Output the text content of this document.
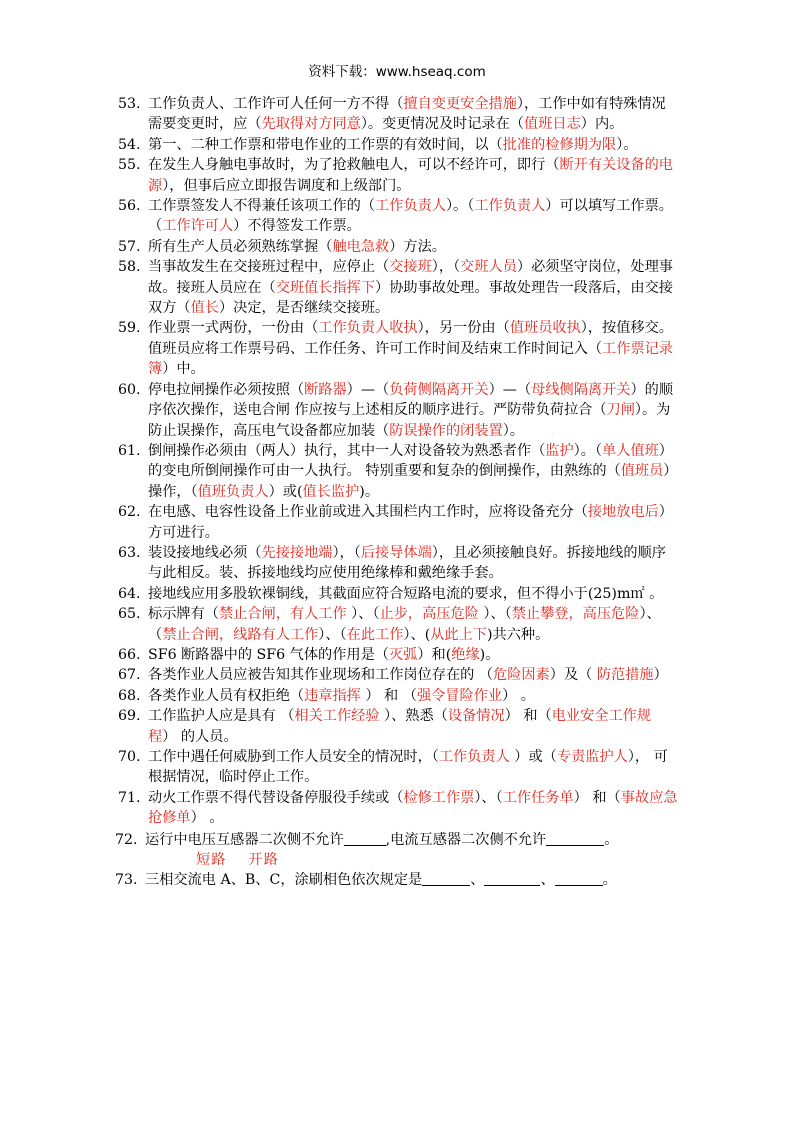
资料下载：www.hseaq.com
53. 工作负责人、工作许可人任何一方不得（擅自变更安全措施），工作中如有特殊情况需要变更时，应（先取得对方同意）。变更情况及时记录在（值班日志）内。
54. 第一、二种工作票和带电作业的工作票的有效时间，以（批准的检修期为限）。
55. 在发生人身触电事故时，为了抢救触电人，可以不经许可，即行（断开有关设备的电源），但事后应立即报告调度和上级部门。
56. 工作票签发人不得兼任该项工作的（工作负责人）。（工作负责人）可以填写工作票。（工作许可人）不得签发工作票。
57. 所有生产人员必须熟练掌握（触电急救）方法。
58. 当事故发生在交接班过程中，应停止（交接班），（交班人员）必须坚守岗位，处理事故。接班人员应在（交班值长指挥下）协助事故处理。事故处理告一段落后，由交接双方（值长）决定，是否继续交接班。
59. 作业票一式两份，一份由（工作负责人收执），另一份由（值班员收执），按值移交。值班员应将工作票号码、工作任务、许可工作时间及结束工作时间记入（工作票记录簿）中。
60. 停电拉闸操作必须按照（断路器）—（负荷侧隔离开关）—（母线侧隔离开关）的顺序依次操作，送电合闸 作应按与上述相反的顺序进行。严防带负荷拉合（刀闸）。为防止误操作，高压电气设备都应加装（防误操作的闭装置）。
61. 倒闸操作必须由（两人）执行，其中一人对设备较为熟悉者作（监护）。（单人值班）的变电所倒闸操作可由一人执行。 特别重要和复杂的倒闸操作，由熟练的（值班员）操作，（值班负责人）或(值长监护)。
62. 在电感、电容性设备上作业前或进入其围栏内工作时，应将设备充分（接地放电后）方可进行。
63. 装设接地线必须（先接接地端），（后接导体端），且必须接触良好。拆接地线的顺序与此相反。装、拆接地线均应使用绝缘棒和戴绝缘手套。
64. 接地线应用多股软裸铜线，其截面应符合短路电流的要求，但不得小于(25)m㎡ 。
65. 标示牌有（禁止合闸，有人工作 ）、（止步，高压危险 ）、（禁止攀登，高压危险）、（禁止合闸，线路有人工作）、（在此工作）、(从此上下)共六种。
66. SF6 断路器中的 SF6 气体的作用是（灭弧）和(绝缘)。
67. 各类作业人员应被告知其作业现场和工作岗位存在的 （危险因素）及（ 防范措施）
68. 各类作业人员有权拒绝（违章指挥 ） 和 （强令冒险作业） 。
69. 工作监护人应是具有 （相关工作经验 ）、熟悉（设备情况） 和（电业安全工作规程） 的人员。
70. 工作中遇任何威胁到工作人员安全的情况时，（工作负责人 ）或（专责监护人）， 可根据情况，临时停止工作。
71. 动火工作票不得代替设备停服役手续或（检修工作票）、（工作任务单） 和（事故应急抢修单） 。
72. 运行中电压互感器二次侧不允许	,电流互感器二次侧不允许	。
短路 开路
73. 三相交流电 A、B、C，涂刷相色依次规定是	、	、	。
